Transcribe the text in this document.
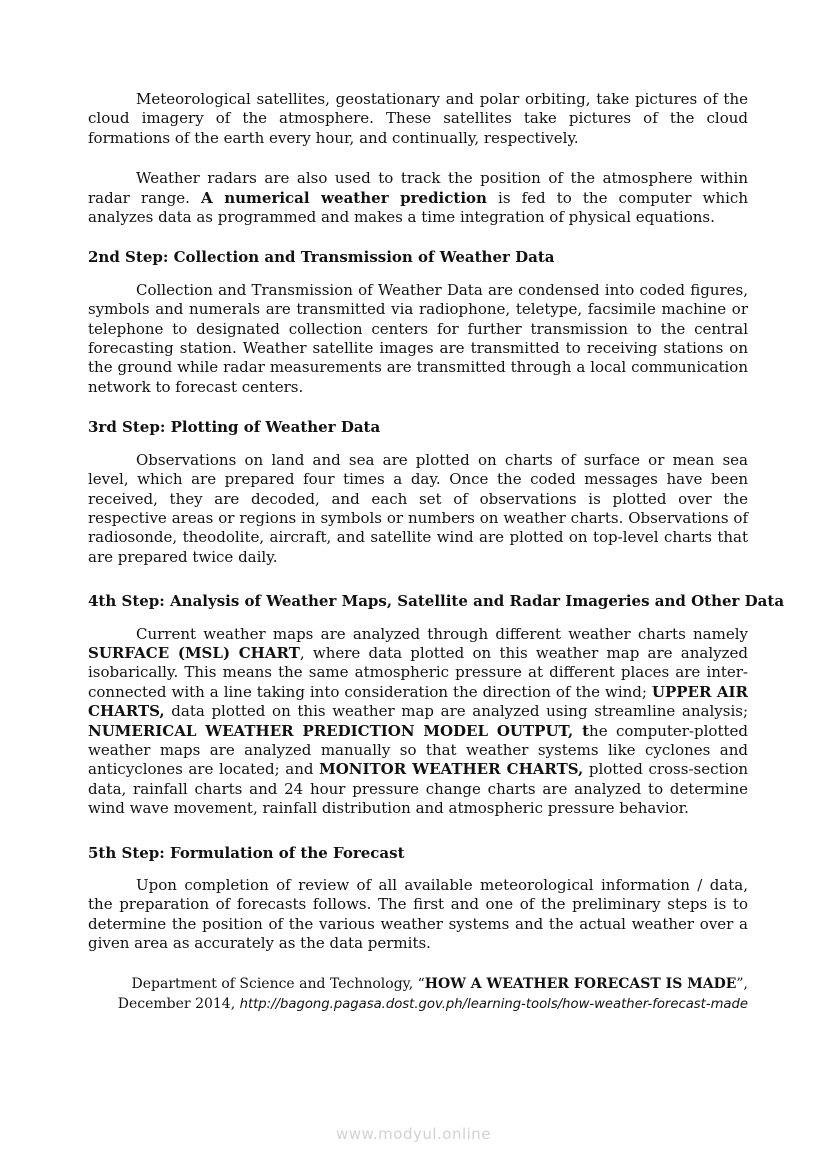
Meteorological satellites, geostationary and polar orbiting, take pictures of the cloud imagery of the atmosphere. These satellites take pictures of the cloud formations of the earth every hour, and continually, respectively.

Weather radars are also used to track the position of the atmosphere within radar range. A numerical weather prediction is fed to the computer which analyzes data as programmed and makes a time integration of physical equations.

2nd Step: Collection and Transmission of Weather Data

Collection and Transmission of Weather Data are condensed into coded figures, symbols and numerals are transmitted via radiophone, teletype, facsimile machine or telephone to designated collection centers for further transmission to the central forecasting station. Weather satellite images are transmitted to receiving stations on the ground while radar measurements are transmitted through a local communication network to forecast centers.

3rd Step: Plotting of Weather Data

Observations on land and sea are plotted on charts of surface or mean sea level, which are prepared four times a day. Once the coded messages have been received, they are decoded, and each set of observations is plotted over the respective areas or regions in symbols or numbers on weather charts. Observations of radiosonde, theodolite, aircraft, and satellite wind are plotted on top-level charts that are prepared twice daily.

4th Step: Analysis of Weather Maps, Satellite and Radar Imageries and Other Data

Current weather maps are analyzed through different weather charts namely SURFACE (MSL) CHART, where data plotted on this weather map are analyzed isobarically. This means the same atmospheric pressure at different places are inter-connected with a line taking into consideration the direction of the wind; UPPER AIR CHARTS, data plotted on this weather map are analyzed using streamline analysis; NUMERICAL WEATHER PREDICTION MODEL OUTPUT, the computer-plotted weather maps are analyzed manually so that weather systems like cyclones and anticyclones are located; and MONITOR WEATHER CHARTS, plotted cross-section data, rainfall charts and 24 hour pressure change charts are analyzed to determine wind wave movement, rainfall distribution and atmospheric pressure behavior.

5th Step: Formulation of the Forecast

Upon completion of review of all available meteorological information / data, the preparation of forecasts follows. The first and one of the preliminary steps is to determine the position of the various weather systems and the actual weather over a given area as accurately as the data permits.

Department of Science and Technology, “HOW A WEATHER FORECAST IS MADE”,
December 2014, http://bagong.pagasa.dost.gov.ph/learning-tools/how-weather-forecast-made
www.modyul.online
